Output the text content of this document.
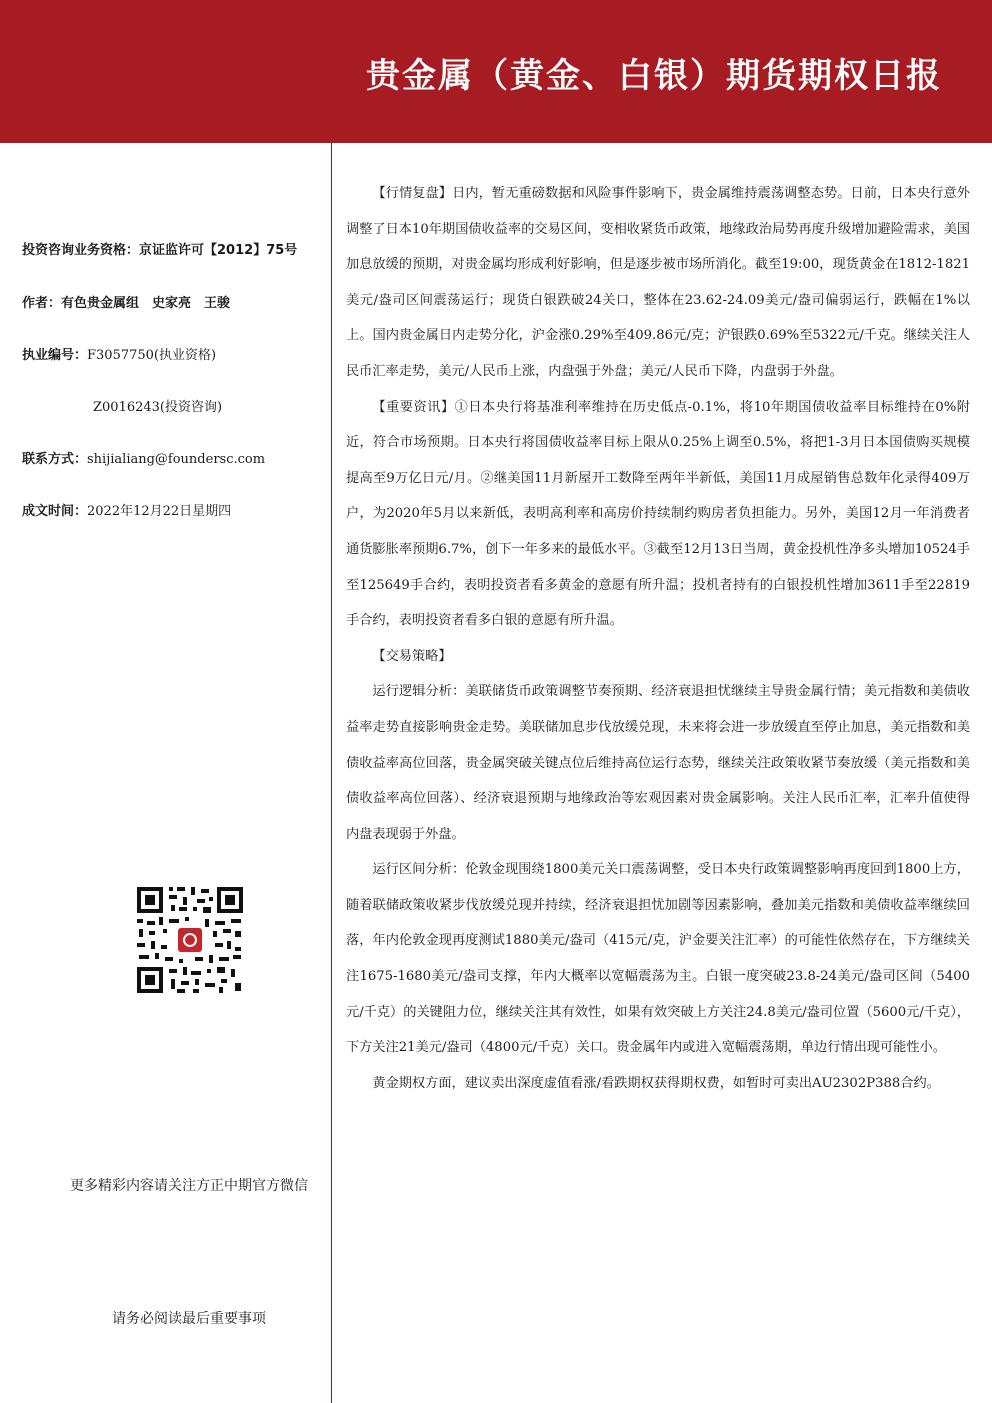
贵金属（黄金、白银）期货期权日报
投资咨询业务资格：京证监许可【2012】75号
作者：有色贵金属组　史家亮　王骏
执业编号：F3057750(执业资格)
Z0016243(投资咨询)
联系方式：shijialiang@foundersc.com
成文时间：2022年12月22日星期四
更多精彩内容请关注方正中期官方微信
请务必阅读最后重要事项

【行情复盘】日内，暂无重磅数据和风险事件影响下，贵金属维持震荡调整态势。日前，日本央行意外调整了日本10年期国债收益率的交易区间，变相收紧货币政策，地缘政治局势再度升级增加避险需求，美国加息放缓的预期，对贵金属均形成利好影响，但是逐步被市场所消化。截至19:00，现货黄金在1812-1821美元/盎司区间震荡运行；现货白银跌破24关口，整体在23.62-24.09美元/盎司偏弱运行，跌幅在1%以上。国内贵金属日内走势分化，沪金涨0.29%至409.86元/克；沪银跌0.69%至5322元/千克。继续关注人民币汇率走势，美元/人民币上涨，内盘强于外盘；美元/人民币下降，内盘弱于外盘。

【重要资讯】①日本央行将基准利率维持在历史低点-0.1%，将10年期国债收益率目标维持在0%附近，符合市场预期。日本央行将国债收益率目标上限从0.25%上调至0.5%，将把1-3月日本国债购买规模提高至9万亿日元/月。②继美国11月新屋开工数降至两年半新低，美国11月成屋销售总数年化录得409万户，为2020年5月以来新低，表明高利率和高房价持续制约购房者负担能力。另外，美国12月一年消费者通货膨胀率预期6.7%，创下一年多来的最低水平。③截至12月13日当周，黄金投机性净多头增加10524手至125649手合约，表明投资者看多黄金的意愿有所升温；投机者持有的白银投机性增加3611手至22819手合约，表明投资者看多白银的意愿有所升温。

【交易策略】

运行逻辑分析：美联储货币政策调整节奏预期、经济衰退担忧继续主导贵金属行情；美元指数和美债收益率走势直接影响贵金走势。美联储加息步伐放缓兑现，未来将会进一步放缓直至停止加息，美元指数和美债收益率高位回落，贵金属突破关键点位后维持高位运行态势，继续关注政策收紧节奏放缓（美元指数和美债收益率高位回落）、经济衰退预期与地缘政治等宏观因素对贵金属影响。关注人民币汇率，汇率升值使得内盘表现弱于外盘。

运行区间分析：伦敦金现围绕1800美元关口震荡调整，受日本央行政策调整影响再度回到1800上方，随着联储政策收紧步伐放缓兑现并持续，经济衰退担忧加剧等因素影响，叠加美元指数和美债收益率继续回落，年内伦敦金现再度测试1880美元/盎司（415元/克，沪金要关注汇率）的可能性依然存在，下方继续关注1675-1680美元/盎司支撑，年内大概率以宽幅震荡为主。白银一度突破23.8-24美元/盎司区间（5400元/千克）的关键阻力位，继续关注其有效性，如果有效突破上方关注24.8美元/盎司位置（5600元/千克），下方关注21美元/盎司（4800元/千克）关口。贵金属年内或进入宽幅震荡期，单边行情出现可能性小。

黄金期权方面，建议卖出深度虚值看涨/看跌期权获得期权费，如暂时可卖出AU2302P388合约。
